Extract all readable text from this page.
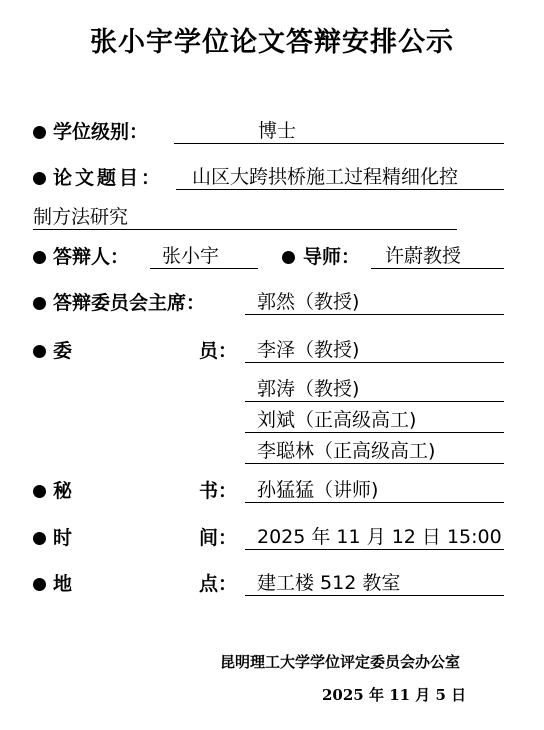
张小宇学位论文答辩安排公示
学位级别：	博士
论文题目：	山区大跨拱桥施工过程精细化控
制方法研究
答辩人：	张小宇	导师：	许蔚教授
答辩委员会主席：	郭然（教授)
委	员：	李泽（教授)
郭涛（教授)
刘斌（正高级高工)
李聪林（正高级高工)
秘	书：	孙猛猛（讲师)
时	间：	2025 年 11 月 12 日 15:00
地	点：	建工楼 512 教室
昆明理工大学学位评定委员会办公室
2025 年 11 月 5 日
